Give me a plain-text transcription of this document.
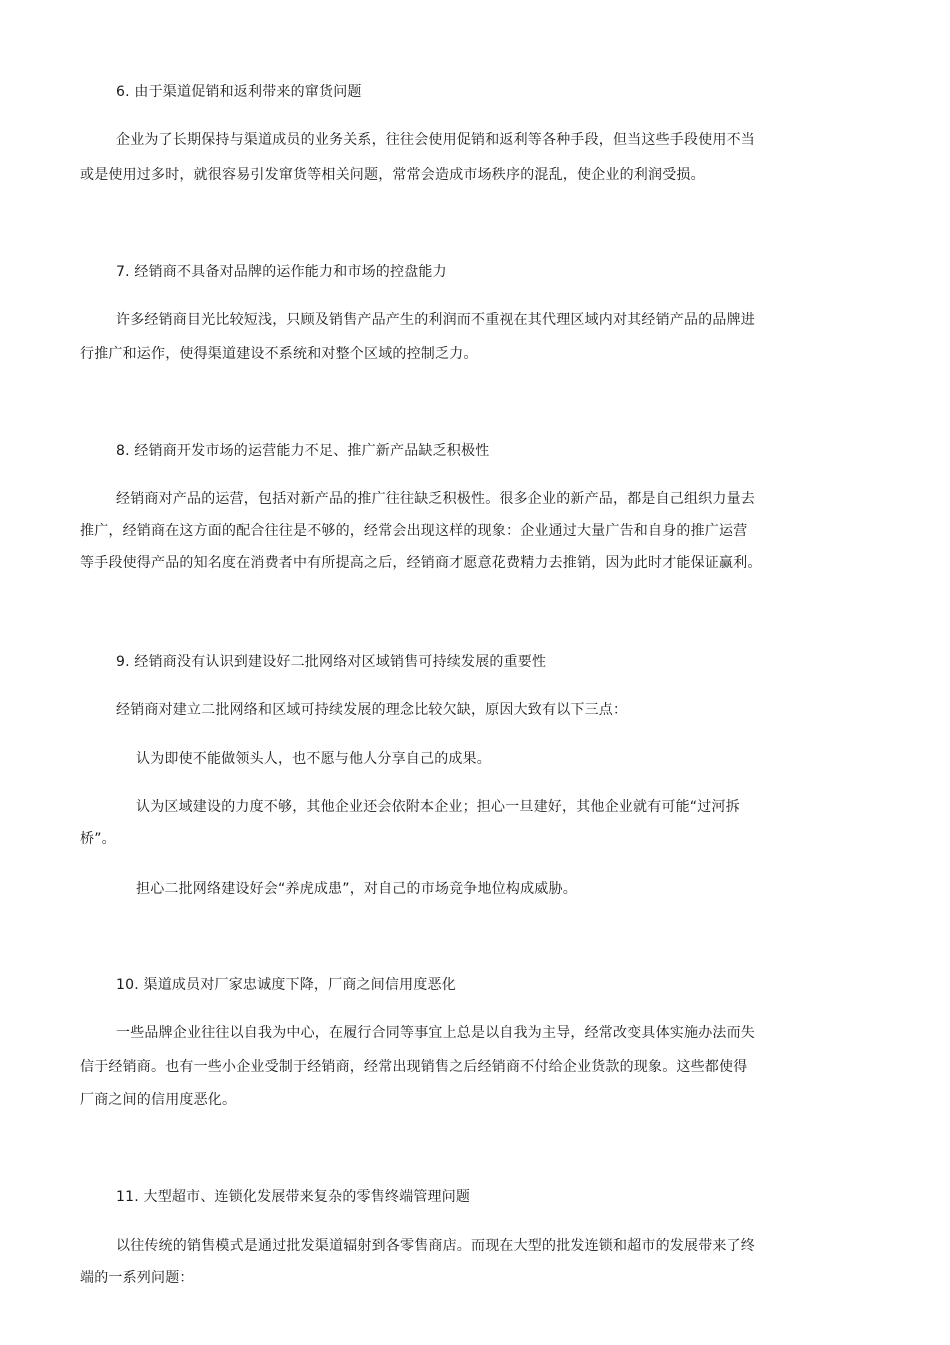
6. 由于渠道促销和返利带来的窜货问题

企业为了长期保持与渠道成员的业务关系，往往会使用促销和返利等各种手段，但当这些手段使用不当

或是使用过多时，就很容易引发窜货等相关问题，常常会造成市场秩序的混乱，使企业的利润受损。

7. 经销商不具备对品牌的运作能力和市场的控盘能力

许多经销商目光比较短浅，只顾及销售产品产生的利润而不重视在其代理区域内对其经销产品的品牌进

行推广和运作，使得渠道建设不系统和对整个区域的控制乏力。

8. 经销商开发市场的运营能力不足、推广新产品缺乏积极性

经销商对产品的运营，包括对新产品的推广往往缺乏积极性。很多企业的新产品，都是自己组织力量去

推广，经销商在这方面的配合往往是不够的，经常会出现这样的现象：企业通过大量广告和自身的推广运营

等手段使得产品的知名度在消费者中有所提高之后，经销商才愿意花费精力去推销，因为此时才能保证赢利。

9. 经销商没有认识到建设好二批网络对区域销售可持续发展的重要性

经销商对建立二批网络和区域可持续发展的理念比较欠缺，原因大致有以下三点：

认为即使不能做领头人，也不愿与他人分享自己的成果。

认为区域建设的力度不够，其他企业还会依附本企业；担心一旦建好，其他企业就有可能“过河拆

桥”。

担心二批网络建设好会“养虎成患”，对自己的市场竞争地位构成威胁。

10. 渠道成员对厂家忠诚度下降，厂商之间信用度恶化

一些品牌企业往往以自我为中心，在履行合同等事宜上总是以自我为主导，经常改变具体实施办法而失

信于经销商。也有一些小企业受制于经销商，经常出现销售之后经销商不付给企业货款的现象。这些都使得

厂商之间的信用度恶化。

11. 大型超市、连锁化发展带来复杂的零售终端管理问题

以往传统的销售模式是通过批发渠道辐射到各零售商店。而现在大型的批发连锁和超市的发展带来了终

端的一系列问题：
